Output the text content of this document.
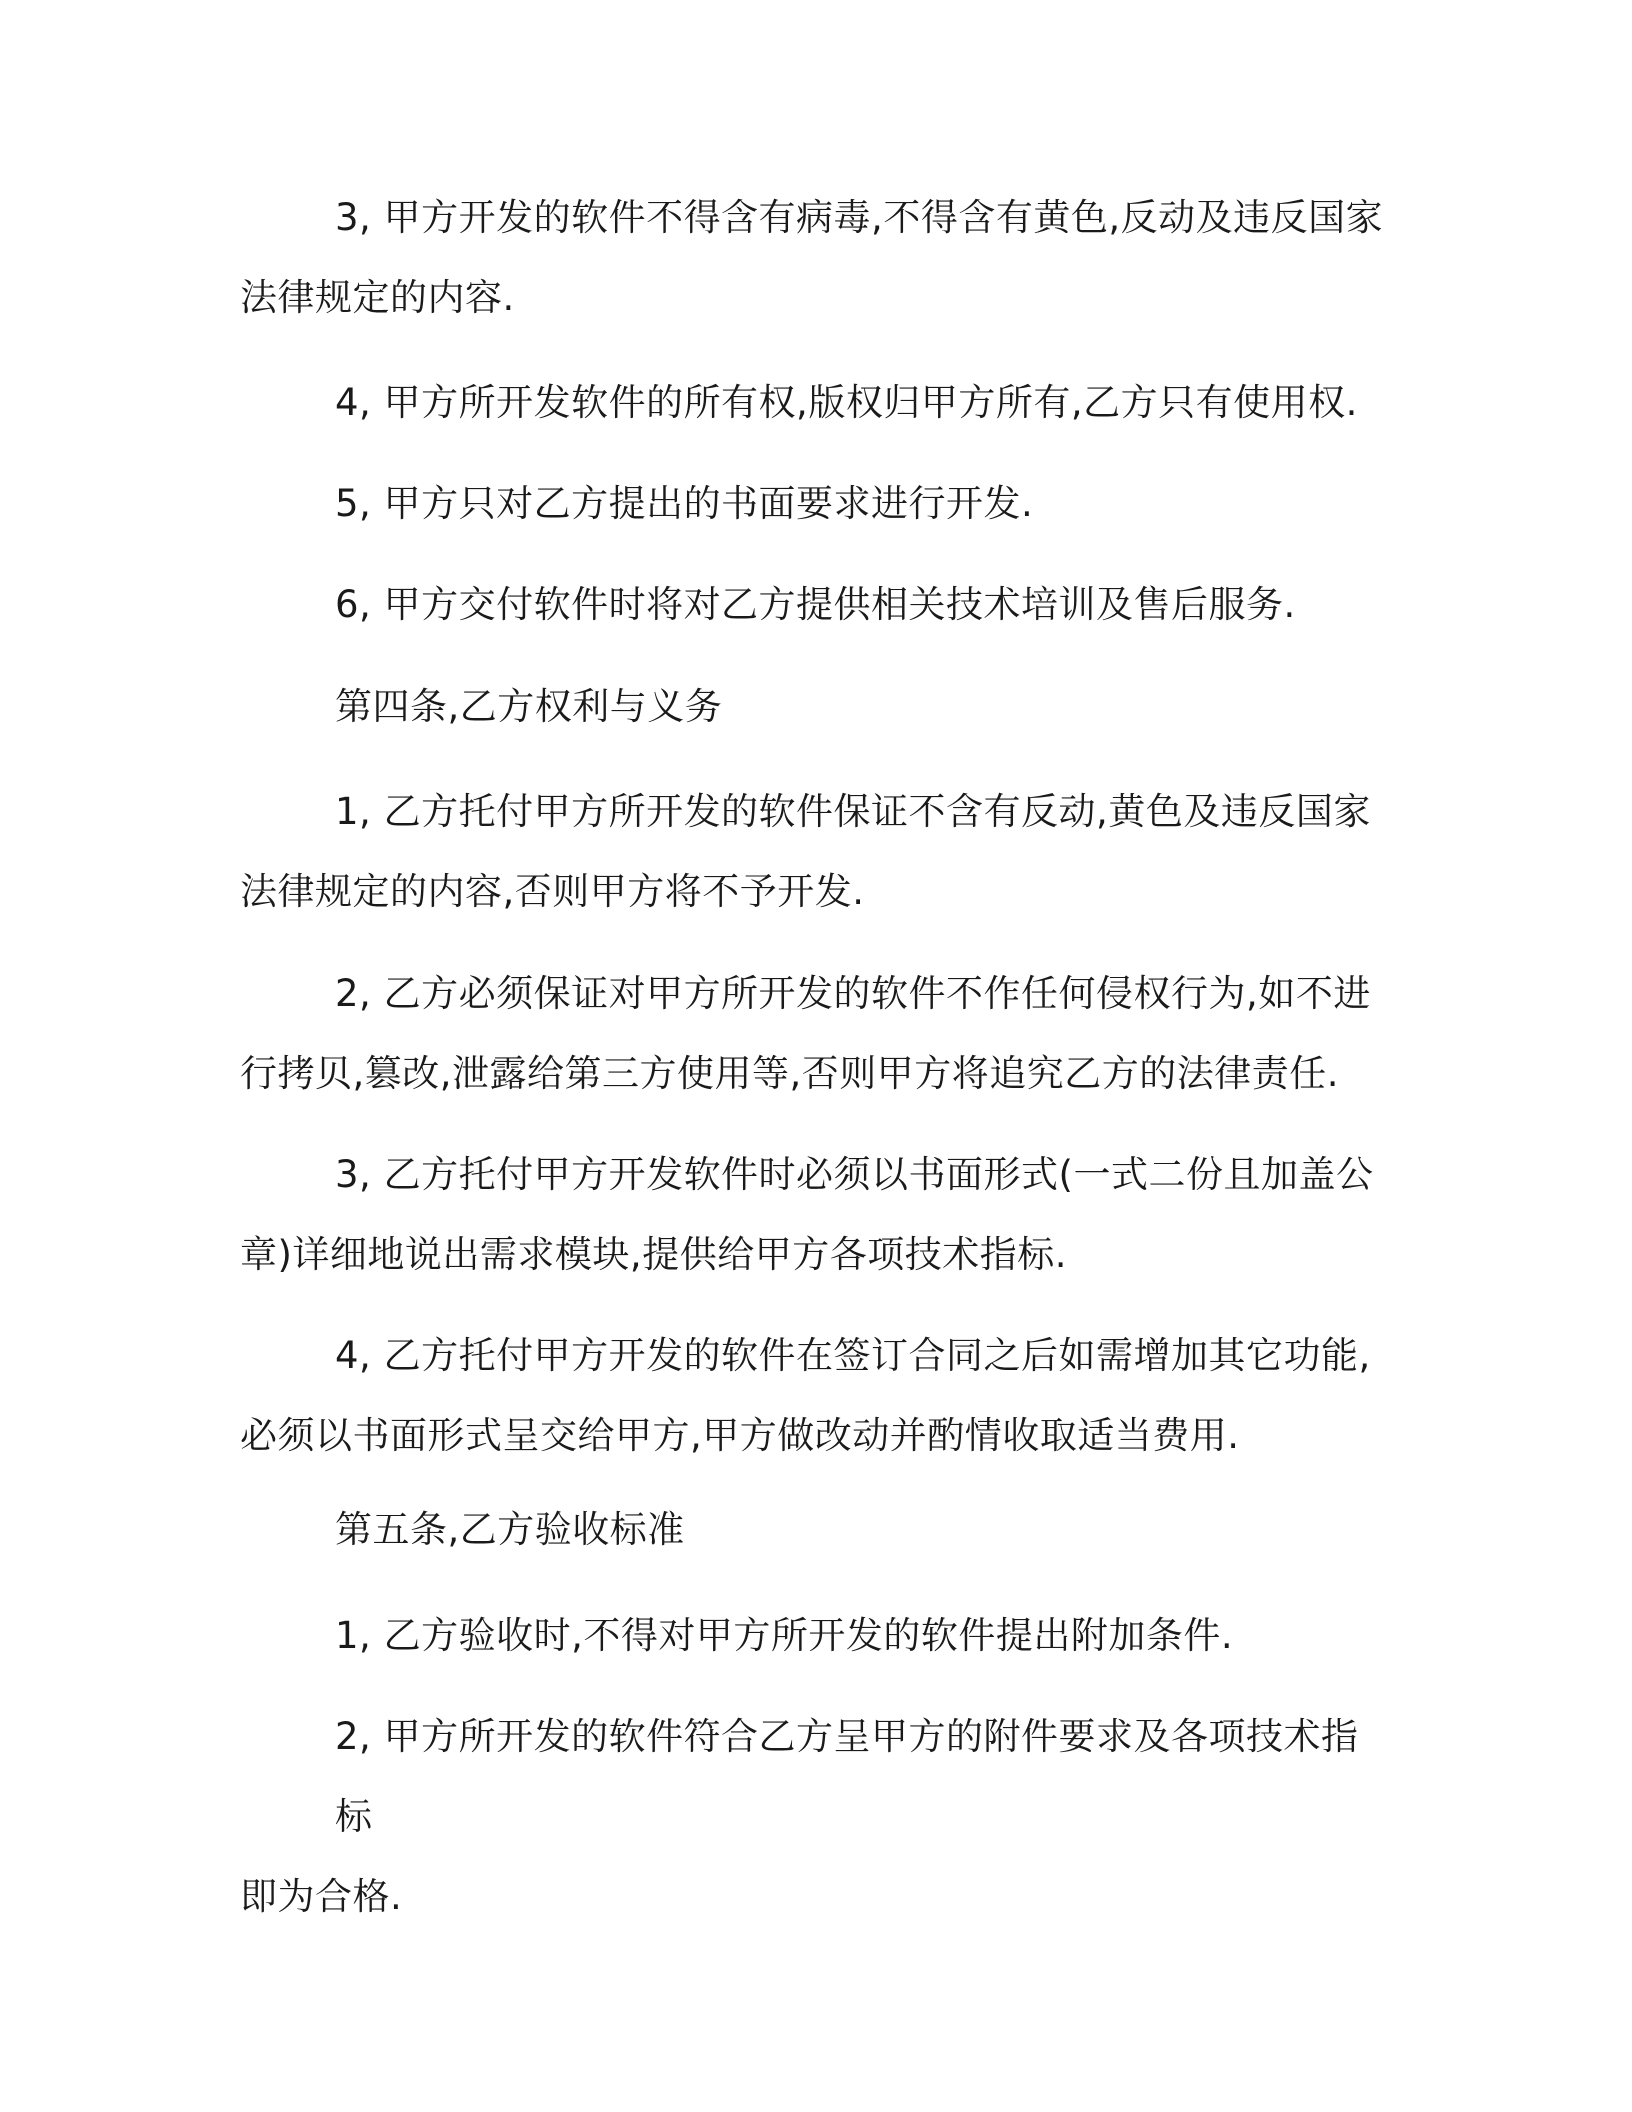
3, 甲方开发的软件不得含有病毒,不得含有黄色,反动及违反国家
法律规定的内容.
4, 甲方所开发软件的所有权,版权归甲方所有,乙方只有使用权.
5, 甲方只对乙方提出的书面要求进行开发.
6, 甲方交付软件时将对乙方提供相关技术培训及售后服务.
第四条,乙方权利与义务
1, 乙方托付甲方所开发的软件保证不含有反动,黄色及违反国家
法律规定的内容,否则甲方将不予开发.
2, 乙方必须保证对甲方所开发的软件不作任何侵权行为,如不进
行拷贝,篡改,泄露给第三方使用等,否则甲方将追究乙方的法律责任.
3, 乙方托付甲方开发软件时必须以书面形式(一式二份且加盖公
章)详细地说出需求模块,提供给甲方各项技术指标.
4, 乙方托付甲方开发的软件在签订合同之后如需增加其它功能,
必须以书面形式呈交给甲方,甲方做改动并酌情收取适当费用.
第五条,乙方验收标准
1, 乙方验收时,不得对甲方所开发的软件提出附加条件.
2, 甲方所开发的软件符合乙方呈甲方的附件要求及各项技术指标
即为合格.
